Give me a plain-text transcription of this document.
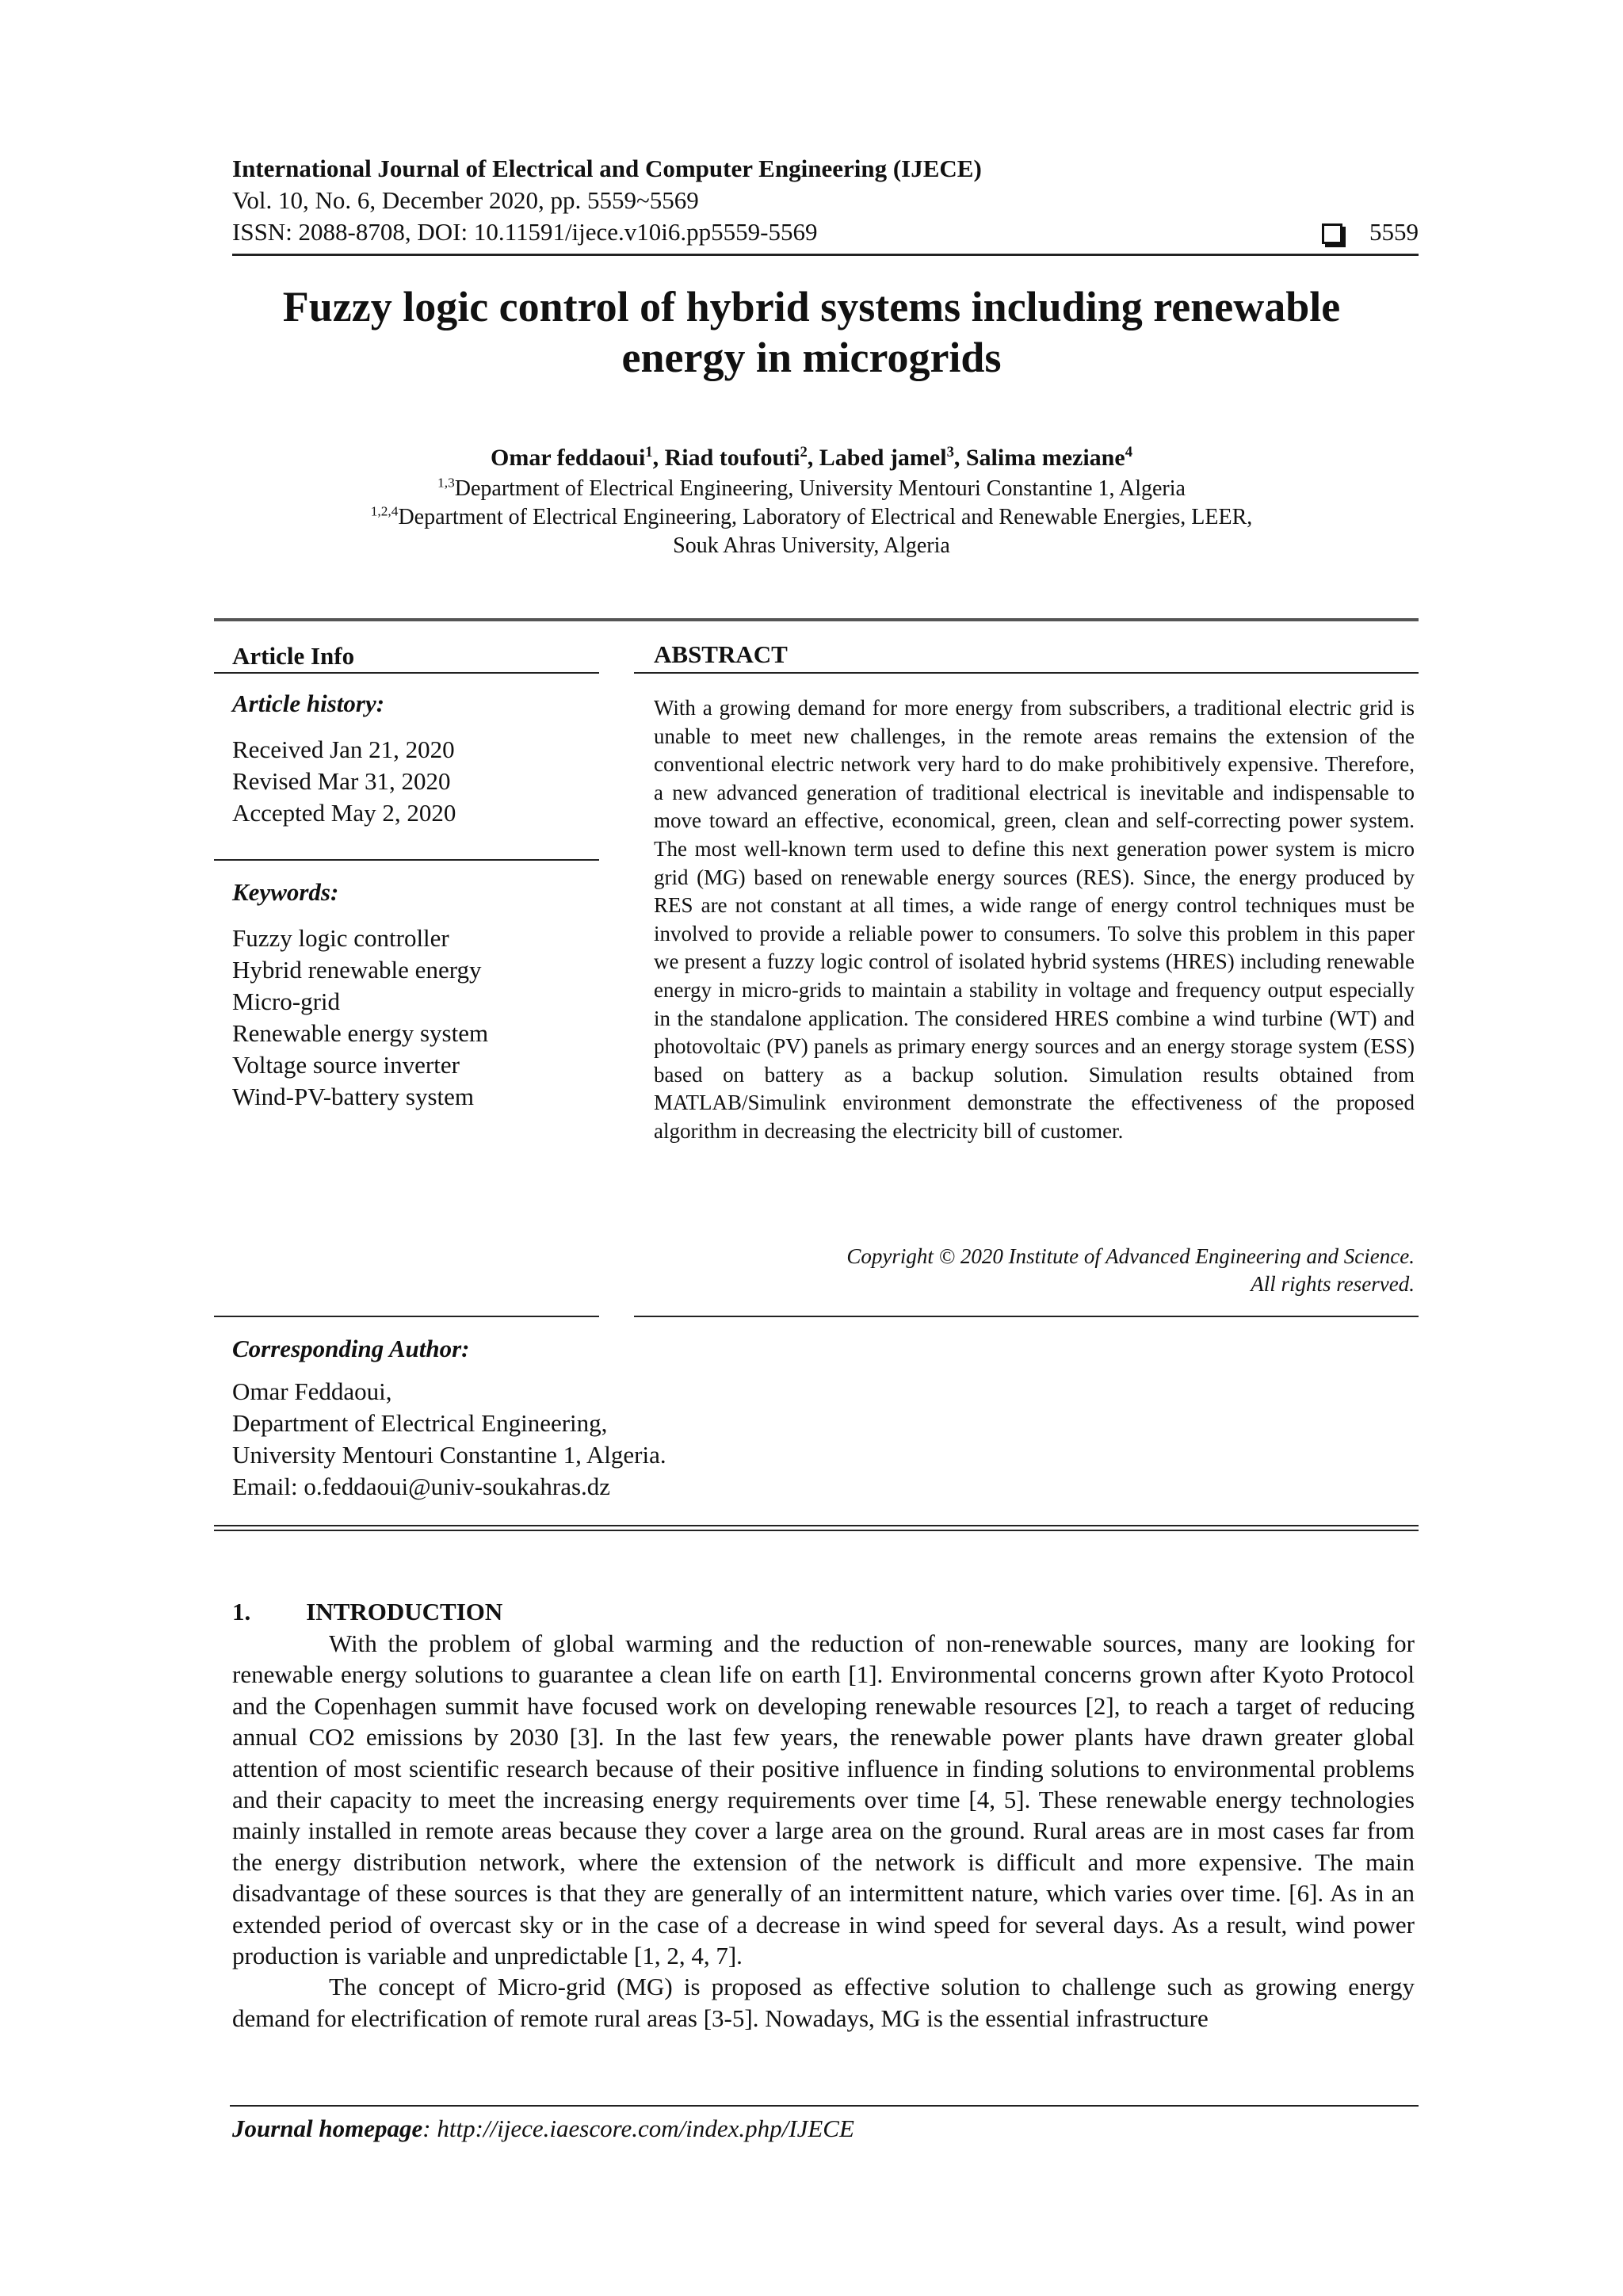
International Journal of Electrical and Computer Engineering (IJECE)
Vol. 10, No. 6, December 2020, pp. 5559~5569
ISSN: 2088-8708, DOI: 10.11591/ijece.v10i6.pp5559-5569	5559
Fuzzy logic control of hybrid systems including renewable
energy in microgrids
Omar feddaoui$^1$, Riad toufouti$^2$, Labed jamel$^3$, Salima meziane$^4$
$^{1,3}$Department of Electrical Engineering, University Mentouri Constantine 1, Algeria
$^{1,2,4}$Department of Electrical Engineering, Laboratory of Electrical and Renewable Energies, LEER,
Souk Ahras University, Algeria
Article Info
Article history:
Received Jan 21, 2020
Revised Mar 31, 2020
Accepted May 2, 2020
Keywords:
Fuzzy logic controller
Hybrid renewable energy
Micro-grid
Renewable energy system
Voltage source inverter
Wind-PV-battery system
ABSTRACT
With a growing demand for more energy from subscribers, a traditional electric grid is unable to meet new challenges, in the remote areas remains the extension of the conventional electric network very hard to do make prohibitively expensive. Therefore, a new advanced generation of traditional electrical is inevitable and indispensable to move toward an effective, economical, green, clean and self-correcting power system. The most well-known term used to define this next generation power system is micro grid (MG) based on renewable energy sources (RES). Since, the energy produced by RES are not constant at all times, a wide range of energy control techniques must be involved to provide a reliable power to consumers. To solve this problem in this paper we present a fuzzy logic control of isolated hybrid systems (HRES) including renewable energy in micro-grids to maintain a stability in voltage and frequency output especially in the standalone application. The considered HRES combine a wind turbine (WT) and photovoltaic (PV) panels as primary energy sources and an energy storage system (ESS) based on battery as a backup solution. Simulation results obtained from MATLAB/Simulink environment demonstrate the effectiveness of the proposed algorithm in decreasing the electricity bill of customer.
Copyright © 2020 Institute of Advanced Engineering and Science.
All rights reserved.
Corresponding Author:
Omar Feddaoui,
Department of Electrical Engineering,
University Mentouri Constantine 1, Algeria.
Email: o.feddaoui@univ-soukahras.dz
1. INTRODUCTION

With the problem of global warming and the reduction of non-renewable sources, many are looking for renewable energy solutions to guarantee a clean life on earth [1]. Environmental concerns grown after Kyoto Protocol and the Copenhagen summit have focused work on developing renewable resources [2], to reach a target of reducing annual CO2 emissions by 2030 [3]. In the last few years, the renewable power plants have drawn greater global attention of most scientific research because of their positive influence in finding solutions to environmental problems and their capacity to meet the increasing energy requirements over time [4, 5]. These renewable energy technologies mainly installed in remote areas because they cover a large area on the ground. Rural areas are in most cases far from the energy distribution network, where the extension of the network is difficult and more expensive. The main disadvantage of these sources is that they are generally of an intermittent nature, which varies over time. [6]. As in an extended period of overcast sky or in the case of a decrease in wind speed for several days. As a result, wind power production is variable and unpredictable [1, 2, 4, 7].

The concept of Micro-grid (MG) is proposed as effective solution to challenge such as growing energy demand for electrification of remote rural areas [3-5]. Nowadays, MG is the essential infrastructure

Journal homepage: http://ijece.iaescore.com/index.php/IJECE
